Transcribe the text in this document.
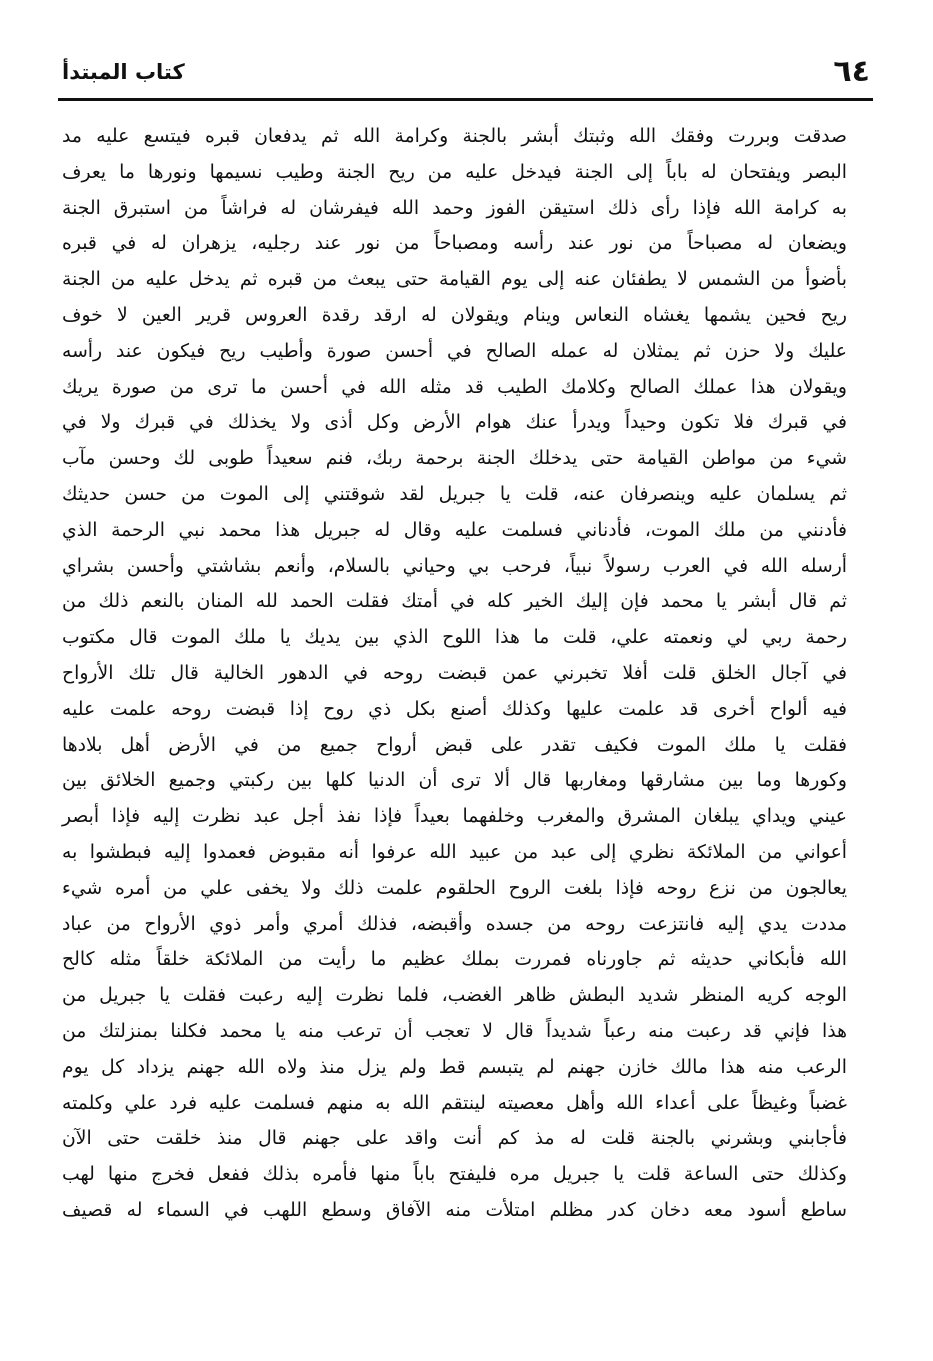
٦٤
كتاب المبتدأ
صدقت وبررت وفقك الله وثبتك أبشر بالجنة وكرامة الله ثم يدفعان قبره فيتسع عليه مد
البصر ويفتحان له باباً إلى الجنة فيدخل عليه من ريح الجنة وطيب نسيمها ونورها ما يعرف
به كرامة الله فإذا رأى ذلك استيقن الفوز وحمد الله فيفرشان له فراشاً من استبرق الجنة
ويضعان له مصباحاً من نور عند رأسه ومصباحاً من نور عند رجليه، يزهران له في قبره
بأضوأ من الشمس لا يطفئان عنه إلى يوم القيامة حتى يبعث من قبره ثم يدخل عليه من الجنة
ريح فحين يشمها يغشاه النعاس وينام ويقولان له ارقد رقدة العروس قرير العين لا خوف
عليك ولا حزن ثم يمثلان له عمله الصالح في أحسن صورة وأطيب ريح فيكون عند رأسه
ويقولان هذا عملك الصالح وكلامك الطيب قد مثله الله في أحسن ما ترى من صورة يريك
في قبرك فلا تكون وحيداً ويدرأ عنك هوام الأرض وكل أذى ولا يخذلك في قبرك ولا في
شيء من مواطن القيامة حتى يدخلك الجنة برحمة ربك، فنم سعيداً طوبى لك وحسن مآب
ثم يسلمان عليه وينصرفان عنه، قلت يا جبريل لقد شوقتني إلى الموت من حسن حديثك
فأدنني من ملك الموت، فأدناني فسلمت عليه وقال له جبريل هذا محمد نبي الرحمة الذي
أرسله الله في العرب رسولاً نبياً، فرحب بي وحياني بالسلام، وأنعم بشاشتي وأحسن بشراي
ثم قال أبشر يا محمد فإن إليك الخير كله في أمتك فقلت الحمد لله المنان بالنعم ذلك من
رحمة ربي لي ونعمته علي، قلت ما هذا اللوح الذي بين يديك يا ملك الموت قال مكتوب
في آجال الخلق قلت أفلا تخبرني عمن قبضت روحه في الدهور الخالية قال تلك الأرواح
فيه ألواح أخرى قد علمت عليها وكذلك أصنع بكل ذي روح إذا قبضت روحه علمت عليه
فقلت يا ملك الموت فكيف تقدر على قبض أرواح جميع من في الأرض أهل بلادها
وكورها وما بين مشارقها ومغاربها قال ألا ترى أن الدنيا كلها بين ركبتي وجميع الخلائق بين
عيني ويداي يبلغان المشرق والمغرب وخلفهما بعيداً فإذا نفذ أجل عبد نظرت إليه فإذا أبصر
أعواني من الملائكة نظري إلى عبد من عبيد الله عرفوا أنه مقبوض فعمدوا إليه فبطشوا به
يعالجون من نزع روحه فإذا بلغت الروح الحلقوم علمت ذلك ولا يخفى علي من أمره شيء
مددت يدي إليه فانتزعت روحه من جسده وأقبضه، فذلك أمري وأمر ذوي الأرواح من عباد
الله فأبكاني حديثه ثم جاورناه فمررت بملك عظيم ما رأيت من الملائكة خلقاً مثله كالح
الوجه كريه المنظر شديد البطش ظاهر الغضب، فلما نظرت إليه رعبت فقلت يا جبريل من
هذا فإني قد رعبت منه رعباً شديداً قال لا تعجب أن ترعب منه يا محمد فكلنا بمنزلتك من
الرعب منه هذا مالك خازن جهنم لم يتبسم قط ولم يزل منذ ولاه الله جهنم يزداد كل يوم
غضباً وغيظاً على أعداء الله وأهل معصيته لينتقم الله به منهم فسلمت عليه فرد علي وكلمته
فأجابني وبشرني بالجنة قلت له مذ كم أنت واقد على جهنم قال منذ خلقت حتى الآن
وكذلك حتى الساعة قلت يا جبريل مره فليفتح باباً منها فأمره بذلك ففعل فخرج منها لهب
ساطع أسود معه دخان كدر مظلم امتلأت منه الآفاق وسطع اللهب في السماء له قصيف
